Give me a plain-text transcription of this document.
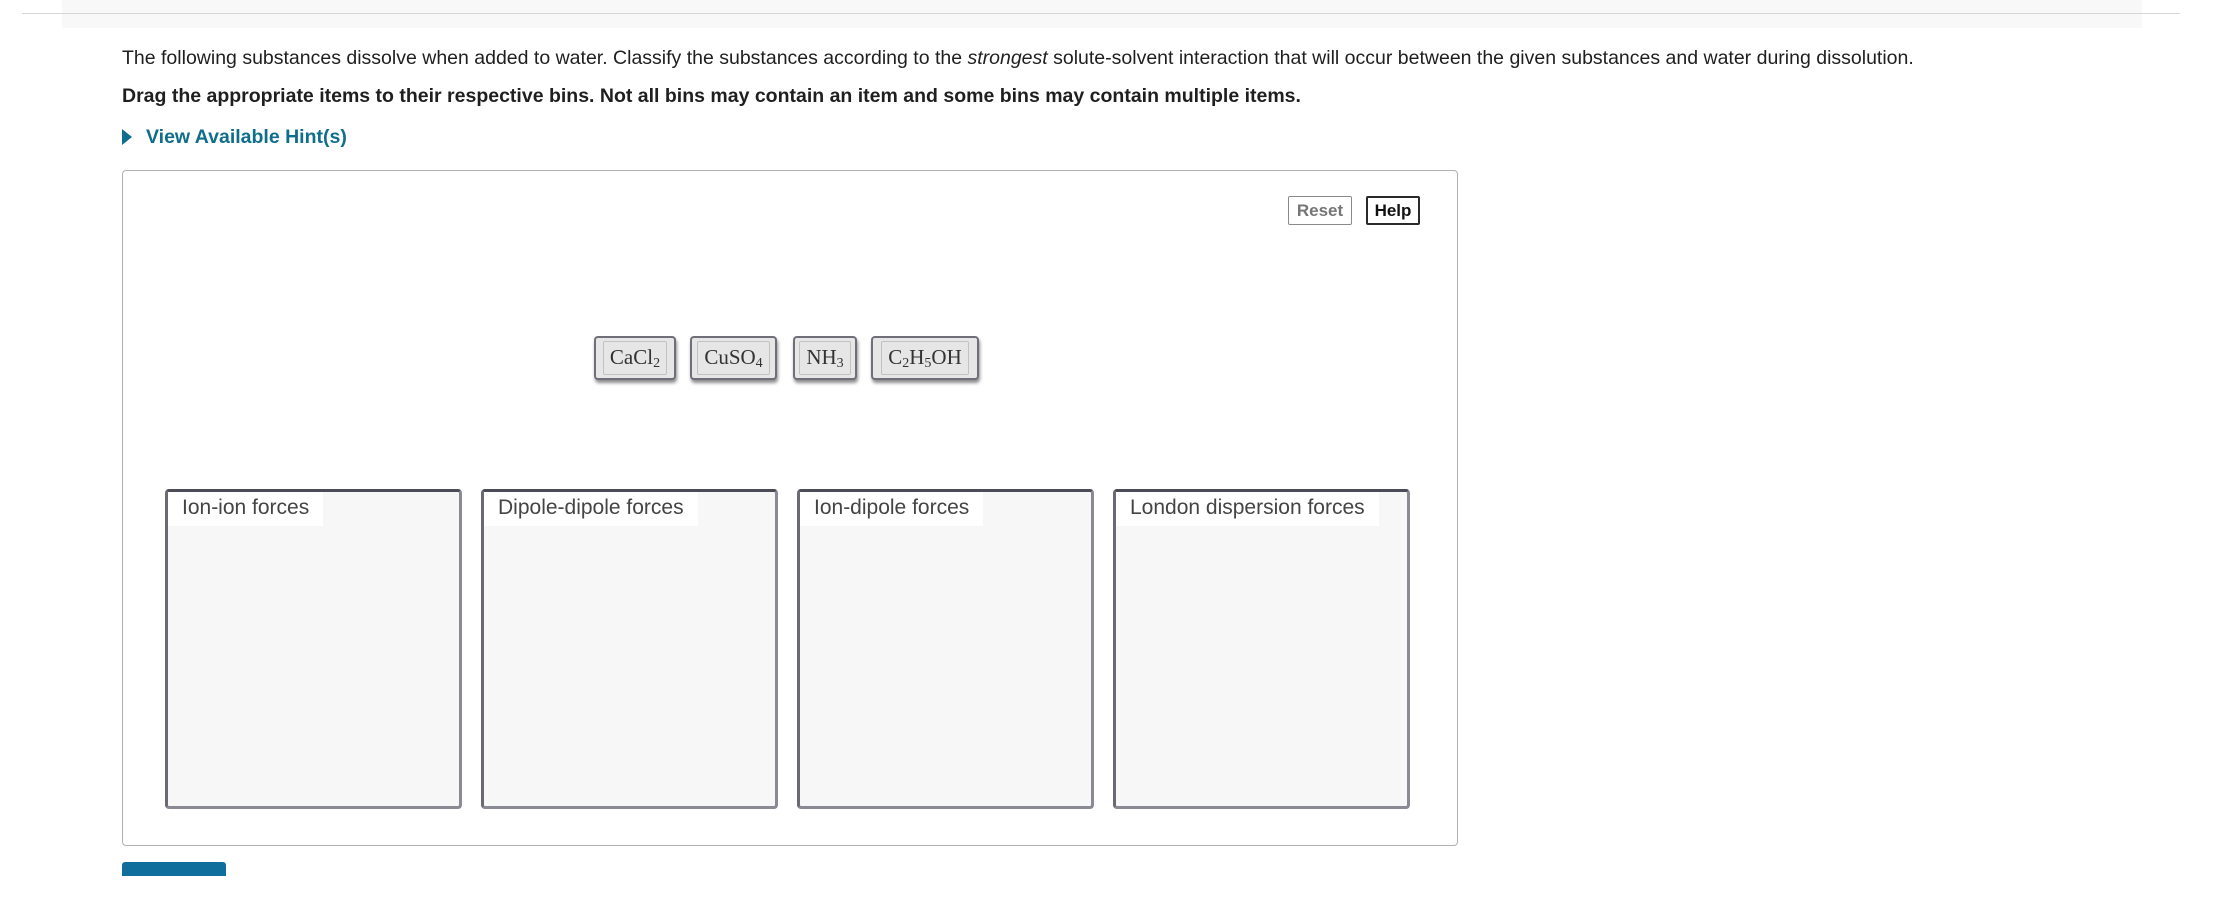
The following substances dissolve when added to water. Classify the substances according to the strongest solute-solvent interaction that will occur between the given substances and water during dissolution.

Drag the appropriate items to their respective bins. Not all bins may contain an item and some bins may contain multiple items.

View Available Hint(s)
Reset	Help
CaCl$_2$	CuSO$_4$	$NH_3$	$C_2H_5OH$
Ion-ion forces	Dipole-dipole forces	Ion-dipole forces	London dispersion forces
